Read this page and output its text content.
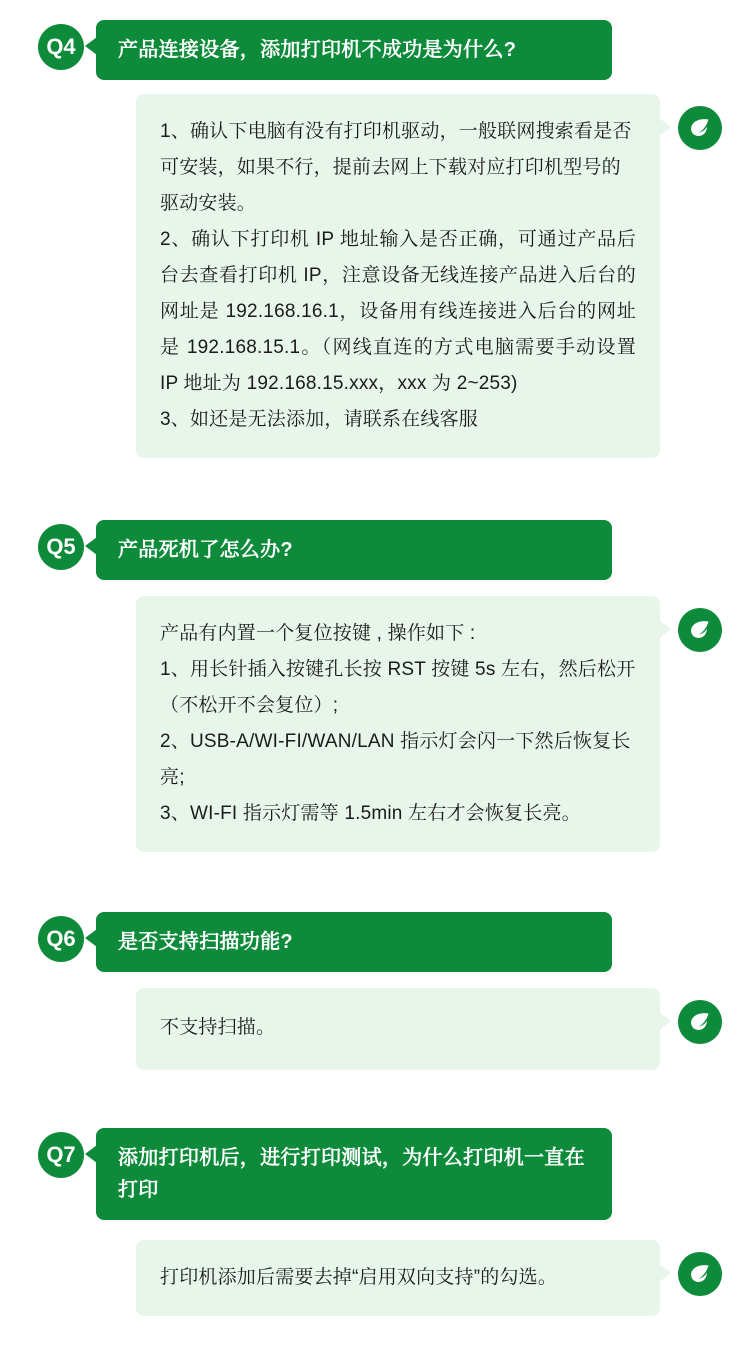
Q4	产品连接设备，添加打印机不成功是为什么?

1、确认下电脑有没有打印机驱动，一般联网搜索看是否可安装，如果不行，提前去网上下载对应打印机型号的驱动安装。

2、确认下打印机 IP 地址输入是否正确，可通过产品后台去查看打印机 IP，注意设备无线连接产品进入后台的网址是 192.168.16.1，设备用有线连接进入后台的网址是 192.168.15.1。（网线直连的方式电脑需要手动设置 IP 地址为 192.168.15.xxx，xxx 为 2~253)

3、如还是无法添加，请联系在线客服

Q5	产品死机了怎么办?

产品有内置一个复位按键 , 操作如下 :

1、用长针插入按键孔长按 RST 按键 5s 左右，然后松开（不松开不会复位）;

2、USB-A/WI-FI/WAN/LAN 指示灯会闪一下然后恢复长亮;

3、WI-FI 指示灯需等 1.5min 左右才会恢复长亮。

Q6	是否支持扫描功能?

不支持扫描。

Q7	添加打印机后，进行打印测试，为什么打印机一直在打印

打印机添加后需要去掉“启用双向支持”的勾选。
